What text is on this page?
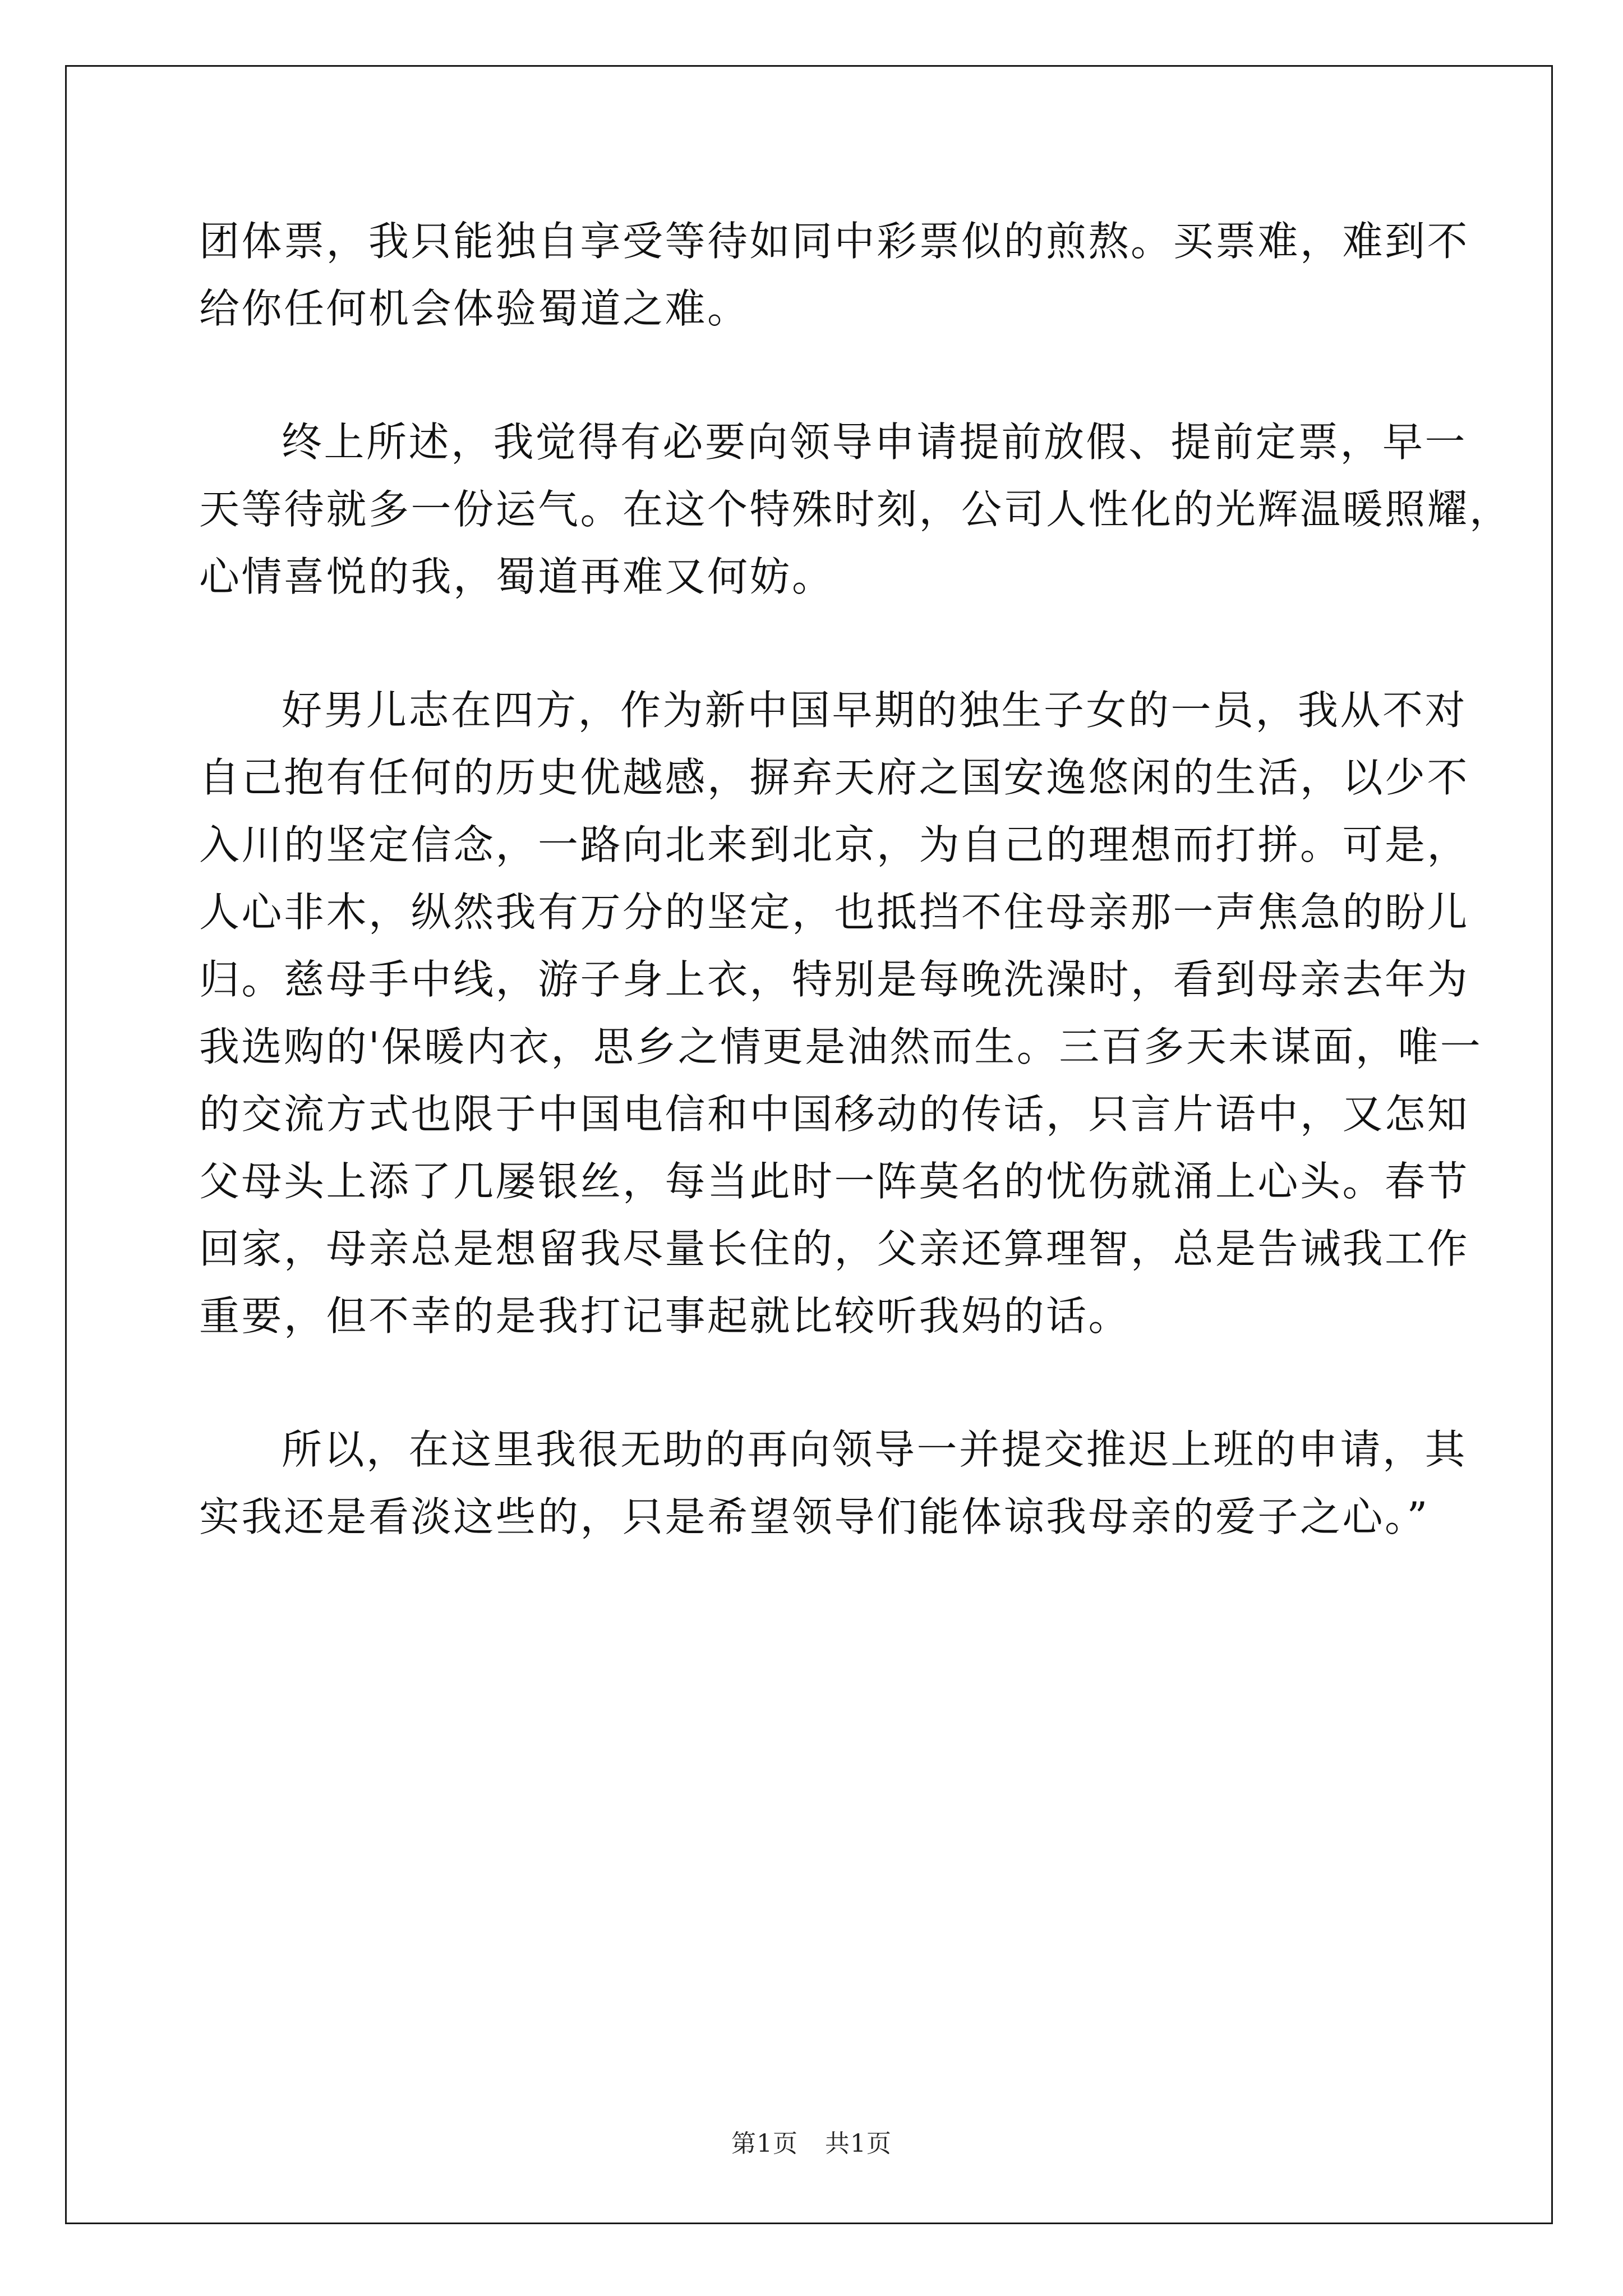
团体票，我只能独自享受等待如同中彩票似的煎熬。买票难，难到不
给你任何机会体验蜀道之难。
终上所述，我觉得有必要向领导申请提前放假、提前定票，早一
天等待就多一份运气。在这个特殊时刻，公司人性化的光辉温暖照耀，
心情喜悦的我，蜀道再难又何妨。
好男儿志在四方，作为新中国早期的独生子女的一员，我从不对
自己抱有任何的历史优越感，摒弃天府之国安逸悠闲的生活，以少不
入川的坚定信念，一路向北来到北京，为自己的理想而打拼。可是，
人心非木，纵然我有万分的坚定，也抵挡不住母亲那一声焦急的盼儿
归。慈母手中线，游子身上衣，特别是每晚洗澡时，看到母亲去年为
我选购的'保暖内衣，思乡之情更是油然而生。三百多天未谋面，唯一
的交流方式也限于中国电信和中国移动的传话，只言片语中，又怎知
父母头上添了几屡银丝，每当此时一阵莫名的忧伤就涌上心头。春节
回家，母亲总是想留我尽量长住的，父亲还算理智，总是告诫我工作
重要，但不幸的是我打记事起就比较听我妈的话。
所以，在这里我很无助的再向领导一并提交推迟上班的申请，其
实我还是看淡这些的，只是希望领导们能体谅我母亲的爱子之心。”
第1页 共1页
